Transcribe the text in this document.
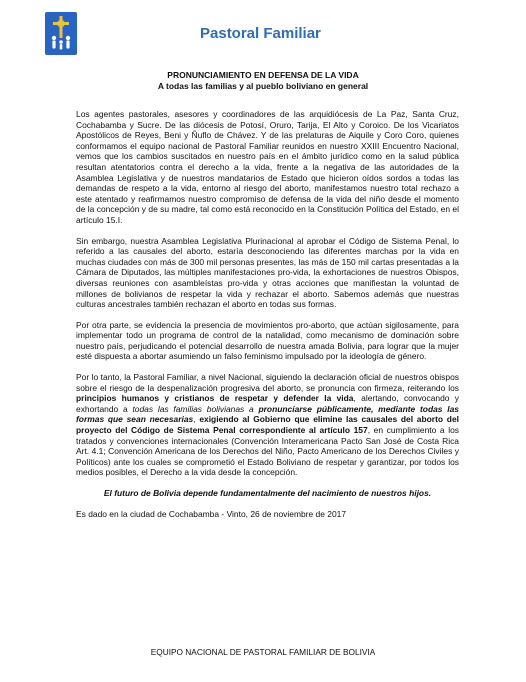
Pastoral Familiar
PRONUNCIAMIENTO EN DEFENSA DE LA VIDA
A todas las familias y al pueblo boliviano en general

Los agentes pastorales, asesores y coordinadores de las arquidiócesis de La Paz, Santa Cruz, Cochabamba y Sucre. De las diócesis de Potosí, Oruro, Tarija, El Alto y Coroico. De los Vicariatos Apostólicos de Reyes, Beni y Ñuflo de Chávez. Y de las prelaturas de Aiquile y Coro Coro, quienes conformamos el equipo nacional de Pastoral Familiar reunidos en nuestro XXIII Encuentro Nacional, vemos que los cambios suscitados en nuestro país en el ámbito jurídico como en la salud pública resultan atentatorios contra el derecho a la vida, frente a la negativa de las autoridades de la Asamblea Legislativa y de nuestros mandatarios de Estado que hicieron oídos sordos a todas las demandas de respeto a la vida, entorno al riesgo del aborto, manifestamos nuestro total rechazo a este atentado y reafirmamos nuestro compromiso de defensa de la vida del niño desde el momento de la concepción y de su madre, tal como está reconocido en la Constitución Política del Estado, en el artículo 15.I.

Sin embargo, nuestra Asamblea Legislativa Plurinacional al aprobar el Código de Sistema Penal, lo referido a las causales del aborto, estaría desconociendo las diferentes marchas por la vida en muchas ciudades con más de 300 mil personas presentes, las más de 150 mil cartas presentadas a la Cámara de Diputados, las múltiples manifestaciones pro-vida, la exhortaciones de nuestros Obispos, diversas reuniones con asambleístas pro-vida y otras acciones que manifiestan la voluntad de millones de bolivianos de respetar la vida y rechazar el aborto. Sabemos además que nuestras culturas ancestrales también rechazan el aborto en todas sus formas.

Por otra parte, se evidencia la presencia de movimientos pro-aborto, que actúan sigilosamente, para implementar todo un programa de control de la natalidad, como mecanismo de dominación sobre nuestro país, perjudicando el potencial desarrollo de nuestra amada Bolivia, para lograr que la mujer esté dispuesta a abortar asumiendo un falso feminismo impulsado por la ideología de género.

Por lo tanto, la Pastoral Familiar, a nivel Nacional, siguiendo la declaración oficial de nuestros obispos sobre el riesgo de la despenalización progresiva del aborto, se pronuncia con firmeza, reiterando los principios humanos y cristianos de respetar y defender la vida, alertando, convocando y exhortando a todas las familias bolivianas a pronunciarse públicamente, mediante todas las formas que sean necesarias, exigiendo al Gobierno que elimine las causales del aborto del proyecto del Código de Sistema Penal correspondiente al artículo 157, en cumplimiento a los tratados y convenciones internacionales (Convención Interamericana Pacto San José de Costa Rica Art. 4.1; Convención Americana de los Derechos del Niño, Pacto Americano de los Derechos Civiles y Políticos) ante los cuales se comprometió el Estado Boliviano de respetar y garantizar, por todos los medios posibles, el Derecho a la vida desde la concepción.

El futuro de Bolivia depende fundamentalmente del nacimiento de nuestros hijos.

Es dado en la ciudad de Cochabamba - Vinto, 26 de noviembre de 2017

EQUIPO NACIONAL DE PASTORAL FAMILIAR DE BOLIVIA
